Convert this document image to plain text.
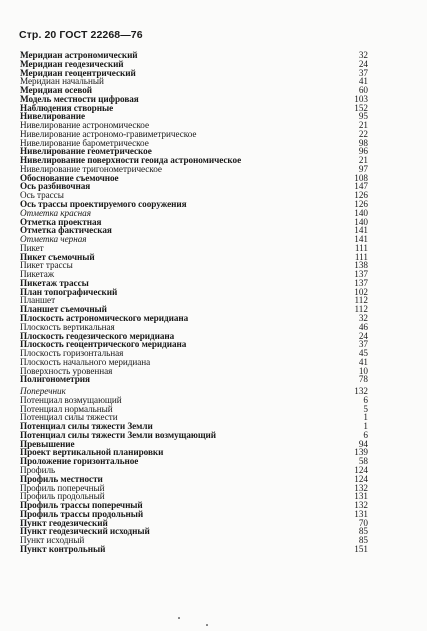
Стр. 20 ГОСТ 22268—76
Меридиан астрономический	32
Меридиан геодезический	24
Меридиан геоцентрический	37
Меридиан начальный	41
Меридиан осевой	60
Модель местности цифровая	103
Наблюдения створные	152
Нивелирование	95
Нивелирование астрономическое	21
Нивелирование астрономо-гравиметрическое	22
Нивелирование барометрическое	98
Нивелирование геометрическое	96
Нивелирование поверхности геоида астрономическое	21
Нивелирование тригонометрическое	97
Обоснование съемочное	108
Ось разбивочная	147
Ось трассы	126
Ось трассы проектируемого сооружения	126
Отметка красная	140
Отметка проектная	140
Отметка фактическая	141
Отметка черная	141
Пикет	111
Пикет съемочный	111
Пикет трассы	138
Пикетаж	137
Пикетаж трассы	137
План топографический	102
Планшет	112
Планшет съемочный	112
Плоскость астрономического меридиана	32
Плоскость вертикальная	46
Плоскость геодезического меридиана	24
Плоскость геоцентрического меридиана	37
Плоскость горизонтальная	45
Плоскость начального меридиана	41
Поверхность уровенная	10
Полигонометрия	78
Поперечник	132
Потенциал возмущающий	6
Потенциал нормальный	5
Потенциал силы тяжести	1
Потенциал силы тяжести Земли	1
Потенциал силы тяжести Земли возмущающий	6
Превышение	94
Проект вертикальной планировки	139
Проложение горизонтальное	58
Профиль	124
Профиль местности	124
Профиль поперечный	132
Профиль продольный	131
Профиль трассы поперечный	132
Профиль трассы продольный	131
Пункт геодезический	70
Пункт геодезический исходный	85
Пункт исходный	85
Пункт контрольный	151
